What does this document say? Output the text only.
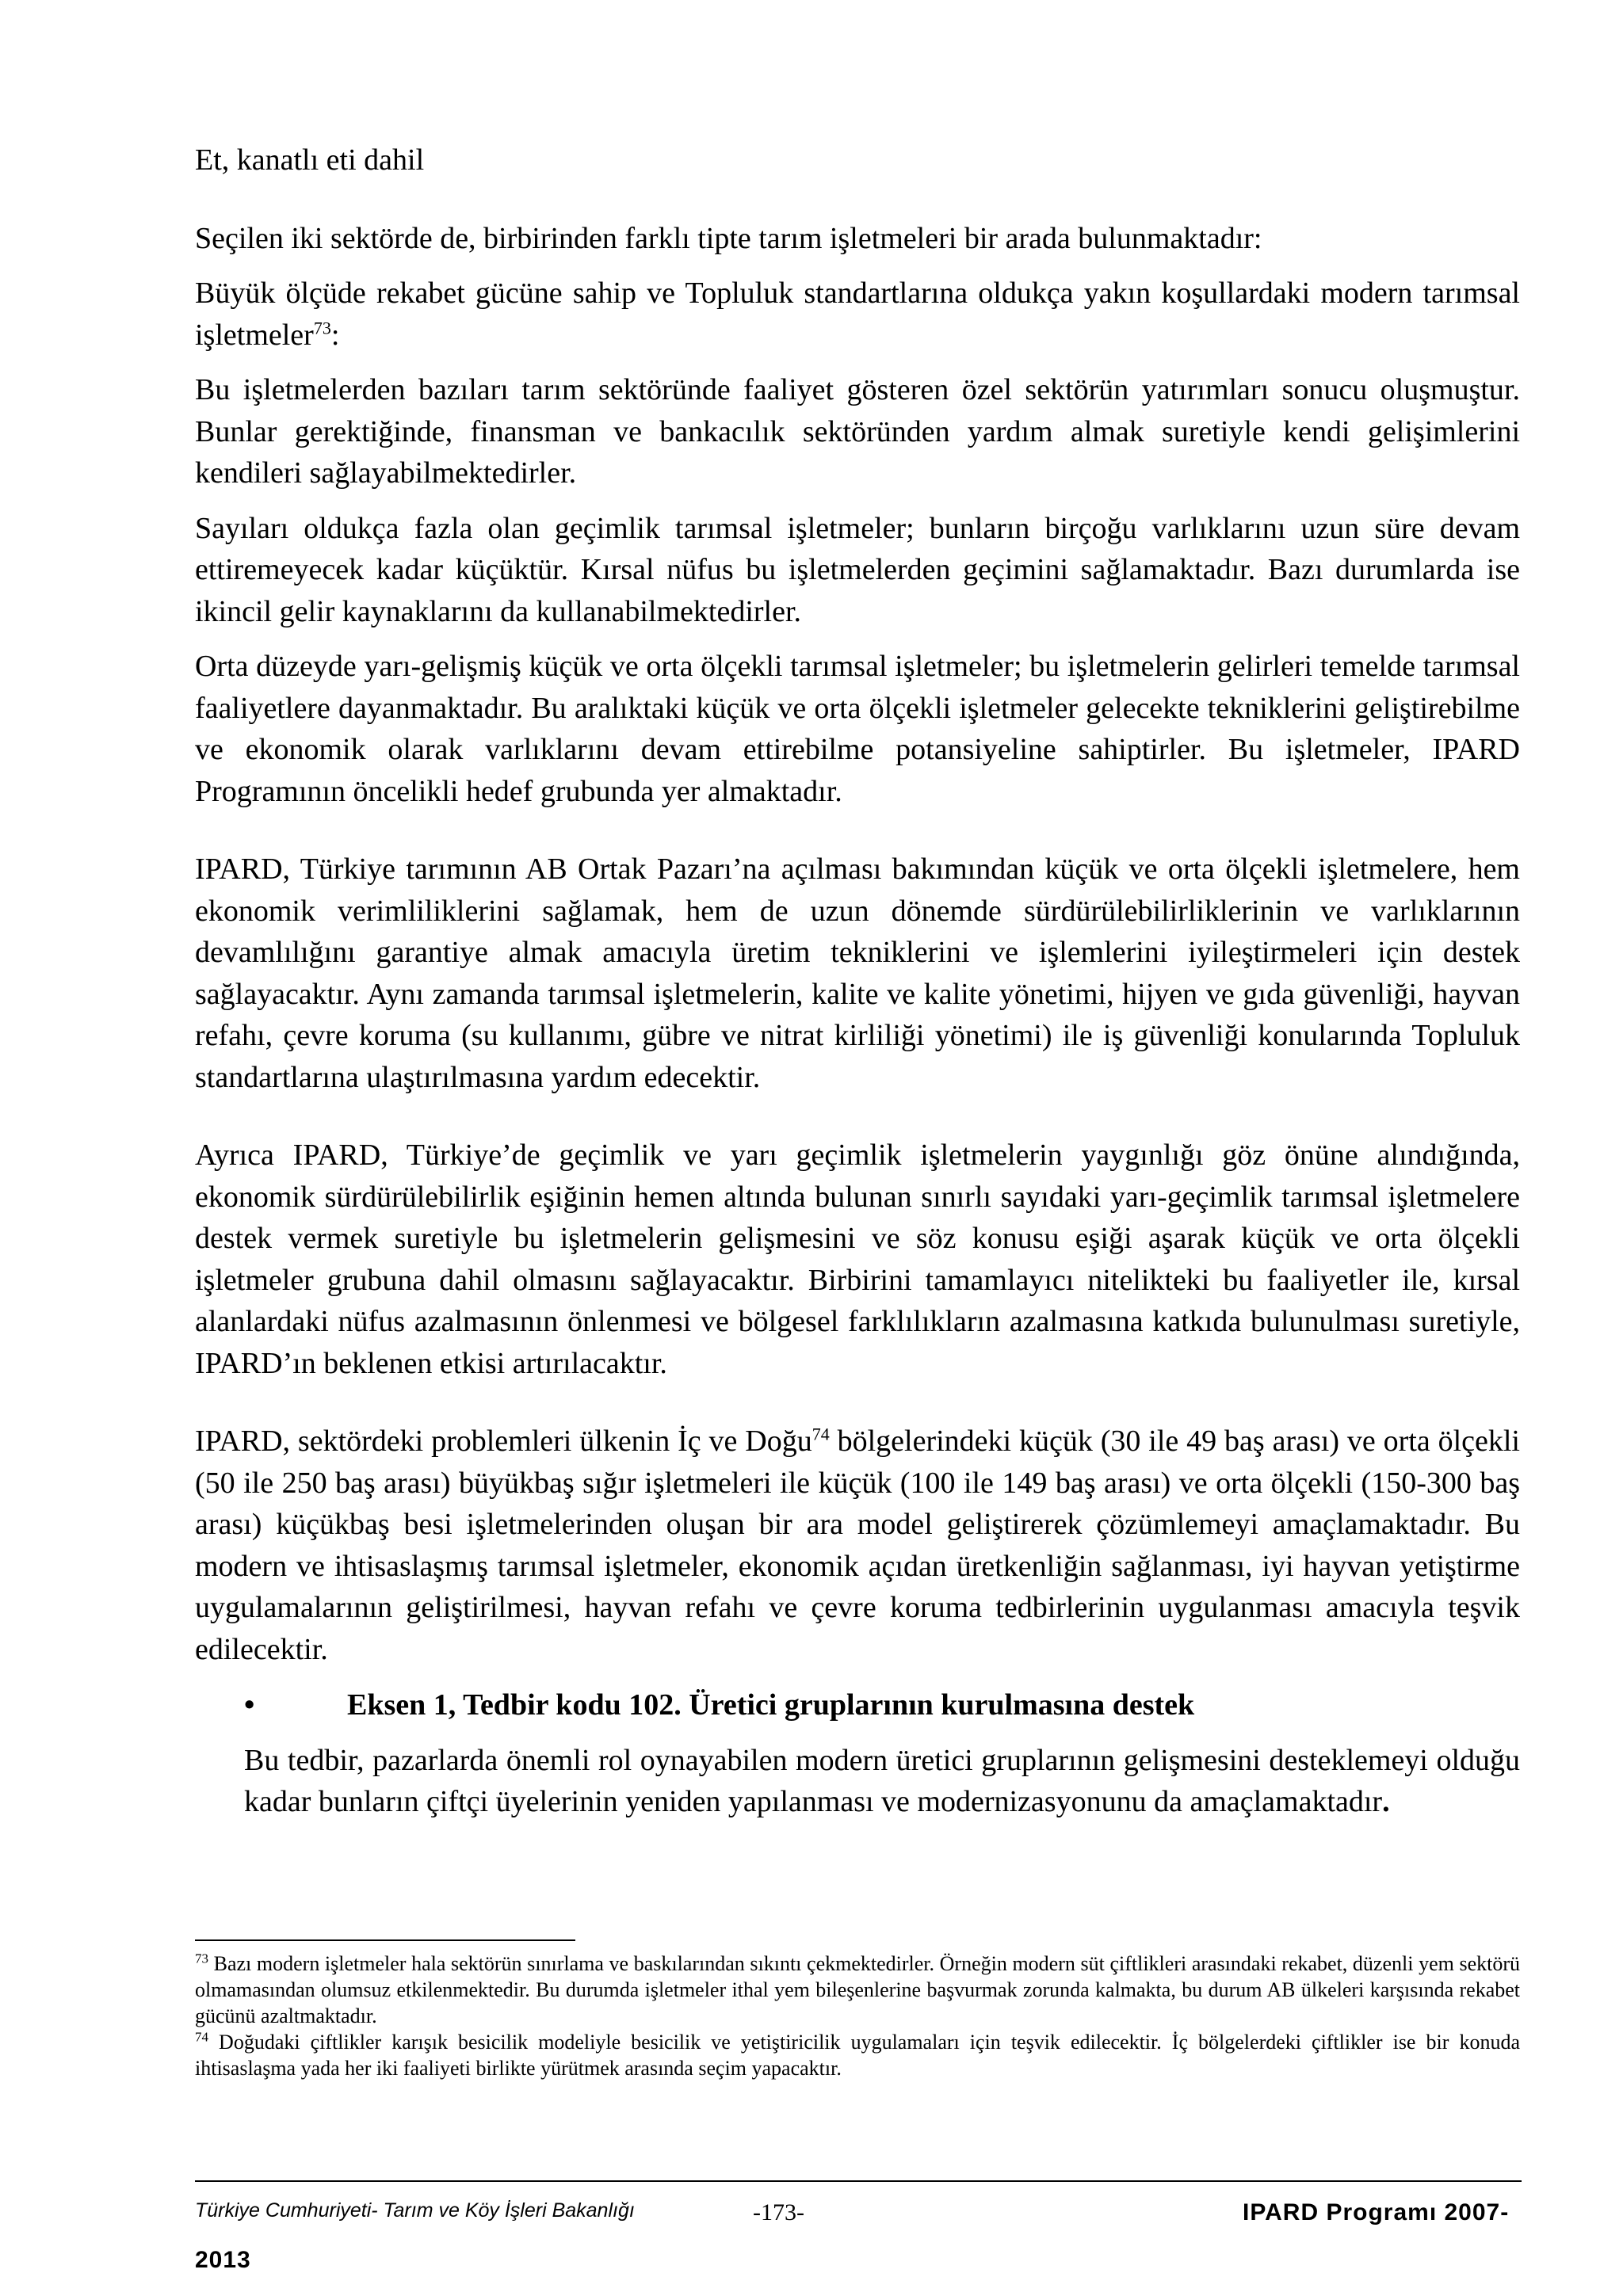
Et, kanatlı eti dahil

Seçilen iki sektörde de, birbirinden farklı tipte tarım işletmeleri bir arada bulunmaktadır:

Büyük ölçüde rekabet gücüne sahip ve Topluluk standartlarına oldukça yakın koşullardaki modern tarımsal işletmeler$^{73}$:

Bu işletmelerden bazıları tarım sektöründe faaliyet gösteren özel sektörün yatırımları sonucu oluşmuştur. Bunlar gerektiğinde, finansman ve bankacılık sektöründen yardım almak suretiyle kendi gelişimlerini kendileri sağlayabilmektedirler.

Sayıları oldukça fazla olan geçimlik tarımsal işletmeler; bunların birçoğu varlıklarını uzun süre devam ettiremeyecek kadar küçüktür. Kırsal nüfus bu işletmelerden geçimini sağlamaktadır. Bazı durumlarda ise ikincil gelir kaynaklarını da kullanabilmektedirler.

Orta düzeyde yarı-gelişmiş küçük ve orta ölçekli tarımsal işletmeler; bu işletmelerin gelirleri temelde tarımsal faaliyetlere dayanmaktadır. Bu aralıktaki küçük ve orta ölçekli işletmeler gelecekte tekniklerini geliştirebilme ve ekonomik olarak varlıklarını devam ettirebilme potansiyeline sahiptirler. Bu işletmeler, IPARD Programının öncelikli hedef grubunda yer almaktadır.

IPARD, Türkiye tarımının AB Ortak Pazarı’na açılması bakımından küçük ve orta ölçekli işletmelere, hem ekonomik verimliliklerini sağlamak, hem de uzun dönemde sürdürülebilirliklerinin ve varlıklarının devamlılığını garantiye almak amacıyla üretim tekniklerini ve işlemlerini iyileştirmeleri için destek sağlayacaktır. Aynı zamanda tarımsal işletmelerin, kalite ve kalite yönetimi, hijyen ve gıda güvenliği, hayvan refahı, çevre koruma (su kullanımı, gübre ve nitrat kirliliği yönetimi) ile iş güvenliği konularında Topluluk standartlarına ulaştırılmasına yardım edecektir.

Ayrıca IPARD, Türkiye’de geçimlik ve yarı geçimlik işletmelerin yaygınlığı göz önüne alındığında, ekonomik sürdürülebilirlik eşiğinin hemen altında bulunan sınırlı sayıdaki yarı-geçimlik tarımsal işletmelere destek vermek suretiyle bu işletmelerin gelişmesini ve söz konusu eşiği aşarak küçük ve orta ölçekli işletmeler grubuna dahil olmasını sağlayacaktır. Birbirini tamamlayıcı nitelikteki bu faaliyetler ile, kırsal alanlardaki nüfus azalmasının önlenmesi ve bölgesel farklılıkların azalmasına katkıda bulunulması suretiyle, IPARD’ın beklenen etkisi artırılacaktır.

IPARD, sektördeki problemleri ülkenin İç ve Doğu$^{74}$ bölgelerindeki küçük (30 ile 49 baş arası) ve orta ölçekli (50 ile 250 baş arası) büyükbaş sığır işletmeleri ile küçük (100 ile 149 baş arası) ve orta ölçekli (150-300 baş arası) küçükbaş besi işletmelerinden oluşan bir ara model geliştirerek çözümlemeyi amaçlamaktadır. Bu modern ve ihtisaslaşmış tarımsal işletmeler, ekonomik açıdan üretkenliğin sağlanması, iyi hayvan yetiştirme uygulamalarının geliştirilmesi, hayvan refahı ve çevre koruma tedbirlerinin uygulanması amacıyla teşvik edilecektir.

•	Eksen 1, Tedbir kodu 102. Üretici gruplarının kurulmasına destek

Bu tedbir, pazarlarda önemli rol oynayabilen modern üretici gruplarının gelişmesini desteklemeyi olduğu kadar bunların çiftçi üyelerinin yeniden yapılanması ve modernizasyonunu da amaçlamaktadır.

$^{73}$ Bazı modern işletmeler hala sektörün sınırlama ve baskılarından sıkıntı çekmektedirler. Örneğin modern süt çiftlikleri arasındaki rekabet, düzenli yem sektörü olmamasından olumsuz etkilenmektedir. Bu durumda işletmeler ithal yem bileşenlerine başvurmak zorunda kalmakta, bu durum AB ülkeleri karşısında rekabet gücünü azaltmaktadır.

$^{74}$ Doğudaki çiftlikler karışık besicilik modeliyle besicilik ve yetiştiricilik uygulamaları için teşvik edilecektir. İç bölgelerdeki çiftlikler ise bir konuda ihtisaslaşma yada her iki faaliyeti birlikte yürütmek arasında seçim yapacaktır.

Türkiye Cumhuriyeti- Tarım ve Köy İşleri Bakanlığı	-173-	IPARD Programı 2007-
2013
